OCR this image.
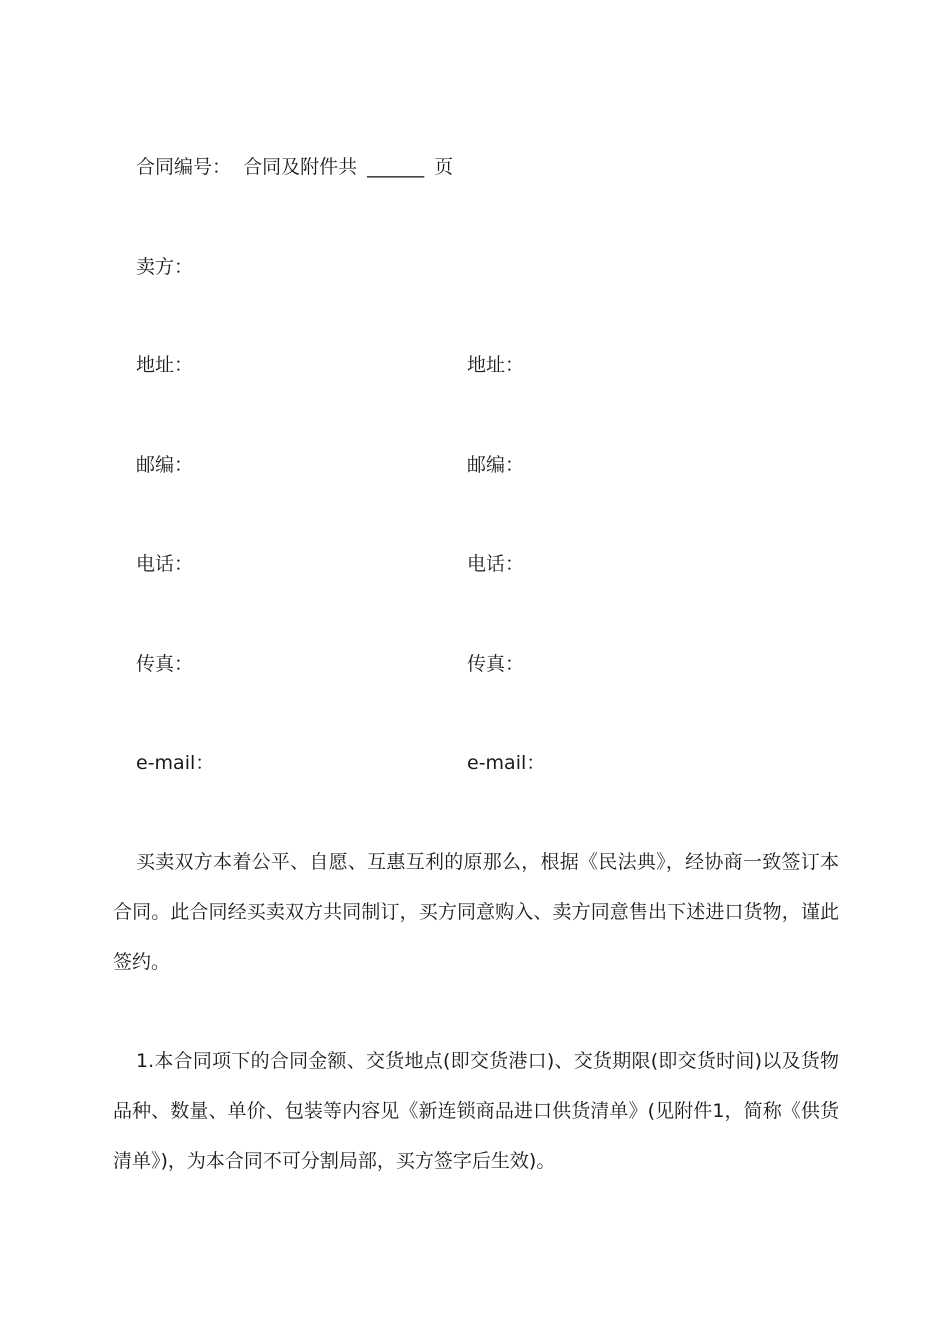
合同编号： 合同及附件共 ______ 页
卖方：
地址：	地址：
邮编：	邮编：
电话：	电话：
传真：	传真：
e-mail：	e-mail：
买卖双方本着公平、自愿、互惠互利的原那么，根据《民法典》，经协商一致签订本合同。此合同经买卖双方共同制订，买方同意购入、卖方同意售出下述进口货物，谨此签约。
1.本合同项下的合同金额、交货地点(即交货港口)、交货期限(即交货时间)以及货物品种、数量、单价、包装等内容见《新连锁商品进口供货清单》(见附件1，简称《供货清单》)，为本合同不可分割局部，买方签字后生效)。
